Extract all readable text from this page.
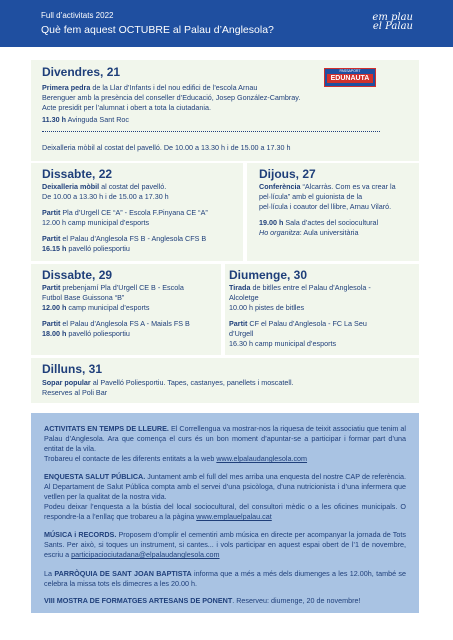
Full d’activitats 2022
Què fem aquest OCTUBRE al Palau d’Anglesola?
em plau
el Palau
Divendres, 21

Primera pedra de la Llar d’Infants i del nou edifici de l’escola Arnau

Berenguer amb la presència del conseller d’Educació, Josep González-Cambray.

Acte presidit per l’alumnat i obert a tota la ciutadania.

11.30 h Avinguda Sant Roc

Deixalleria mòbil al costat del pavelló. De 10.00 a 13.30 h i de 15.00 a 17.30 h

PASSAPORT
EDUNAUTA
Dissabte, 22

Deixalleria mòbil al costat del pavelló.

De 10.00 a 13.30 h i de 15.00 a 17.30 h

Partit Pla d’Urgell CE “A” - Escola F.Pinyana CE “A”

12.00 h camp municipal d’esports

Partit el Palau d’Anglesola FS B - Anglesola CFS B

16.15 h pavelló poliesportiu

Dijous, 27

Conferència “Alcarràs. Com es va crear la

pel·lícula” amb el guionista de la

pel·lícula i coautor del llibre, Arnau Vilaró.

19.00 h Sala d’actes del sociocultural

Ho organitza: Aula universitària

Dissabte, 29

Partit prebenjamí Pla d’Urgell CE B - Escola

Futbol Base Guissona “B”

12.00 h camp municipal d’esports

Partit el Palau d’Anglesola FS A - Maials FS B

18.00 h pavelló poliesportiu

Diumenge, 30

Tirada de bitlles entre el Palau d’Anglesola -

Alcoletge

10.00 h pistes de bitlles

Partit CF el Palau d’Anglesola - FC La Seu

d’Urgell

16.30 h camp municipal d’esports

Dilluns, 31

Sopar popular al Pavelló Poliesportiu. Tapes, castanyes, panellets i moscatell.

Reserves al Poli Bar

ACTIVITATS EN TEMPS DE LLEURE. El Correllengua va mostrar-nos la riquesa de teixit associatiu que tenim al Palau d’Anglesola. Ara que comença el curs és un bon moment d’apuntar-se a participar i formar part d’una entitat de la vila.

Trobareu el contacte de les diferents entitats a la web www.elpalaudanglesola.com

ENQUESTA SALUT PÚBLICA. Juntament amb el full del mes arriba una enquesta del nostre CAP de referència. Al Departament de Salut Pública compta amb el servei d’una psicòloga, d’una nutricionista i d’una infermera que vetllen per la qualitat de la nostra vida.

Podeu deixar l’enquesta a la bústia del local sociocultural, del consultori mèdic o a les oficines municipals. O respondre-la a l’enllaç que trobareu a la pàgina www.emplauelpalau.cat

MÚSICA i RECORDS. Proposem d’omplir el cementiri amb música en directe per acompanyar la jornada de Tots Sants. Per això, si toques un instrument, si cantes... i vols participar en aquest espai obert de l’1 de novembre, escriu a participaciociutadana@elpalaudanglesola.com

La PARRÒQUIA DE SANT JOAN BAPTISTA informa que a més a més dels diumenges a les 12.00h, també se celebra la missa tots els dimecres a les 20.00 h.

VIII MOSTRA DE FORMATGES ARTESANS DE PONENT. Reserveu: diumenge, 20 de novembre!
